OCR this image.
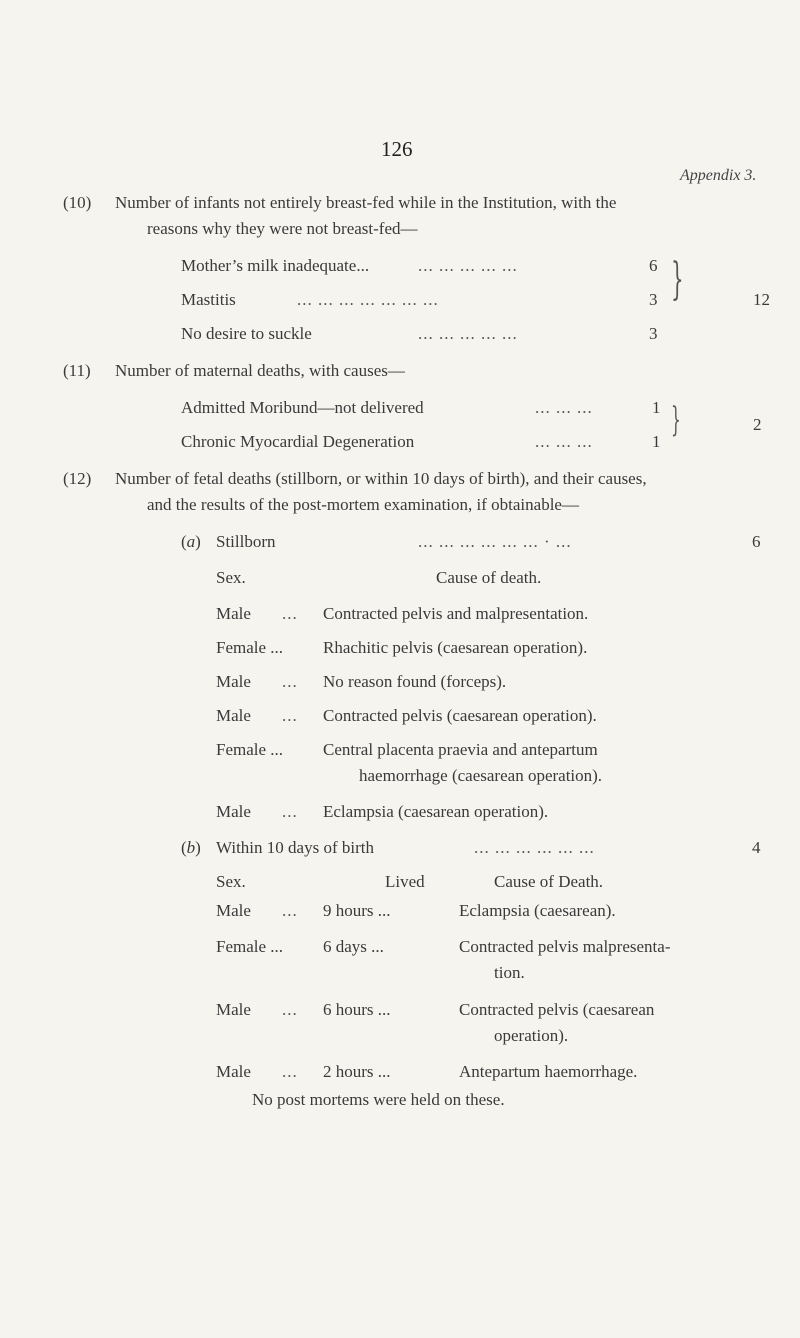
126
Appendix 3.
(10) Number of infants not entirely breast-fed while in the Institution, with the
reasons why they were not breast-fed—
Mother’s milk inadequate...	... ... ... ... ...	6
Mastitis	... ... ... ... ... ... ...	3
No desire to suckle	... ... ... ... ...	3
}	12
(11) Number of maternal deaths, with causes—
Admitted Moribund—not delivered	... ... ...	1
Chronic Myocardial Degeneration	... ... ...	1
}	2
(12) Number of fetal deaths (stillborn, or within 10 days of birth), and their causes,
and the results of the post-mortem examination, if obtainable—
(a) Stillborn	... ... ... ... ... ... · ...	6
Sex.	Cause of death.
Male ... Contracted pelvis and malpresentation.
Female ... Rhachitic pelvis (caesarean operation).
Male ... No reason found (forceps).
Male ... Contracted pelvis (caesarean operation).
Female ... Central placenta praevia and antepartum
haemorrhage (caesarean operation).
Male ... Eclampsia (caesarean operation).
(b) Within 10 days of birth	... ... ... ... ... ...	4
Sex.	Lived	Cause of Death.
Male ... 9 hours ...	Eclampsia (caesarean).
Female ... 6 days ...	Contracted pelvis malpresenta-
tion.
Male ... 6 hours ...	Contracted pelvis (caesarean
operation).
Male ... 2 hours ...	Antepartum haemorrhage.
No post mortems were held on these.
